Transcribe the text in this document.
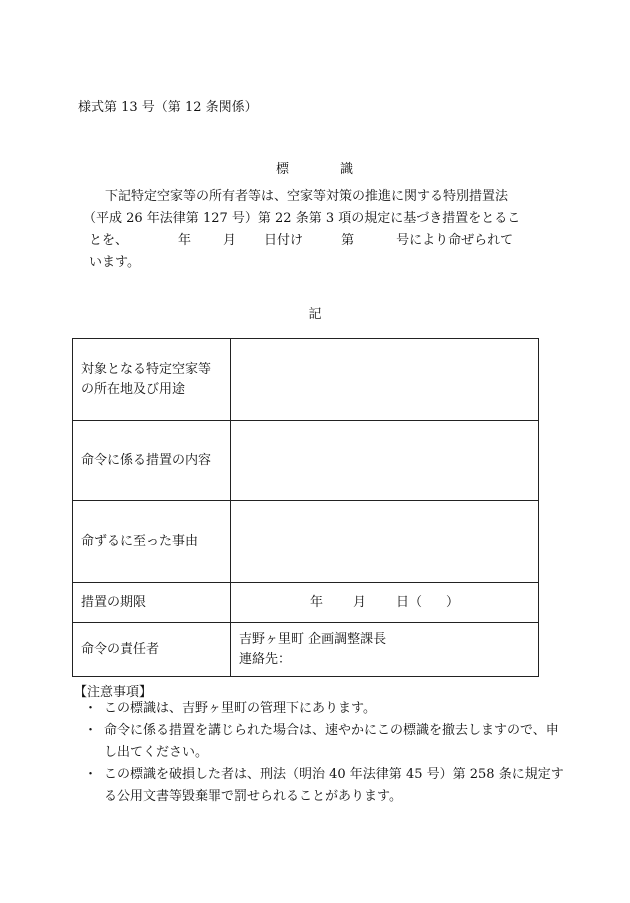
様式第 13 号（第 12 条関係）
標	識
下記特定空家等の所有者等は、空家等対策の推進に関する特別措置法
（平成 26 年法律第 127 号）第 22 条第 3 項の規定に基づき措置をとるこ
とを、	年 月 日付け	第	号により命ぜられて
います。
記
対象となる特定空家等の所在地及び用途	
命令に係る措置の内容	
命ずるに至った事由	
措置の期限	年 月 日（ ）
命令の責任者	吉野ヶ里町 企画調整課長
連絡先：
【注意事項】
・ この標識は、吉野ヶ里町の管理下にあります。
・ 命令に係る措置を講じられた場合は、速やかにこの標識を撤去しますので、申し出てください。
・ この標識を破損した者は、刑法（明治 40 年法律第 45 号）第 258 条に規定する公用文書等毀棄罪で罰せられることがあります。
